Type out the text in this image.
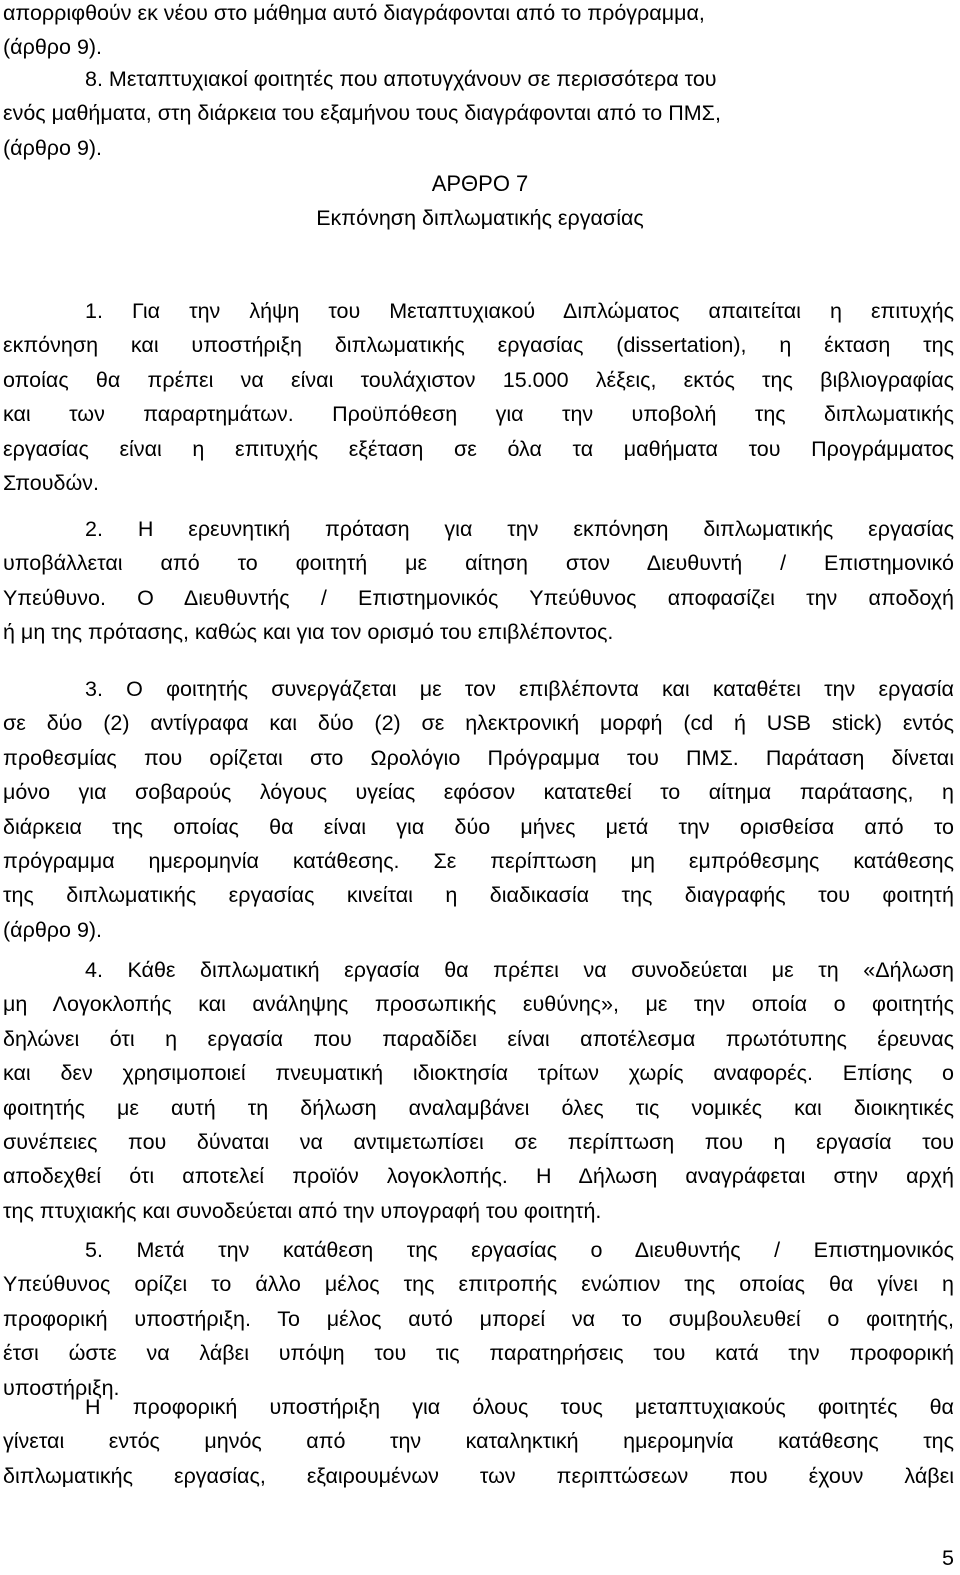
απορριφθούν εκ νέου στο μάθημα αυτό διαγράφονται από το πρόγραμμα,
(άρθρο 9).
8. Μεταπτυχιακοί φοιτητές που αποτυγχάνουν σε περισσότερα του
ενός μαθήματα, στη διάρκεια του εξαμήνου τους διαγράφονται από το ΠΜΣ,
(άρθρο 9).
ΑΡΘΡΟ 7
Εκπόνηση διπλωματικής εργασίας
1. Για την λήψη του Μεταπτυχιακού Διπλώματος απαιτείται η επιτυχής
εκπόνηση και υποστήριξη διπλωματικής εργασίας (dissertation), η έκταση της
οποίας θα πρέπει να είναι τουλάχιστον 15.000 λέξεις, εκτός της βιβλιογραφίας
και των παραρτημάτων. Προϋπόθεση για την υποβολή της διπλωματικής
εργασίας είναι η επιτυχής εξέταση σε όλα τα μαθήματα του Προγράμματος
Σπουδών.
2. Η ερευνητική πρόταση για την εκπόνηση διπλωματικής εργασίας
υποβάλλεται από το φοιτητή με αίτηση στον Διευθυντή / Επιστημονικό
Υπεύθυνο. Ο Διευθυντής / Επιστημονικός Υπεύθυνος αποφασίζει την αποδοχή
ή μη της πρότασης, καθώς και για τον ορισμό του επιβλέποντος.
3. Ο φοιτητής συνεργάζεται με τον επιβλέποντα και καταθέτει την εργασία
σε δύο (2) αντίγραφα και δύο (2) σε ηλεκτρονική μορφή (cd ή USB stick) εντός
προθεσμίας που ορίζεται στο Ωρολόγιο Πρόγραμμα του ΠΜΣ. Παράταση δίνεται
μόνο για σοβαρούς λόγους υγείας εφόσον κατατεθεί το αίτημα παράτασης, η
διάρκεια της οποίας θα είναι για δύο μήνες μετά την ορισθείσα από το
πρόγραμμα ημερομηνία κατάθεσης. Σε περίπτωση μη εμπρόθεσμης κατάθεσης
της διπλωματικής εργασίας κινείται η διαδικασία της διαγραφής του φοιτητή
(άρθρο 9).
4. Κάθε διπλωματική εργασία θα πρέπει να συνοδεύεται με τη «Δήλωση
μη Λογοκλοπής και ανάληψης προσωπικής ευθύνης», με την οποία ο φοιτητής
δηλώνει ότι η εργασία που παραδίδει είναι αποτέλεσμα πρωτότυπης έρευνας
και δεν χρησιμοποιεί πνευματική ιδιοκτησία τρίτων χωρίς αναφορές. Επίσης ο
φοιτητής με αυτή τη δήλωση αναλαμβάνει όλες τις νομικές και διοικητικές
συνέπειες που δύναται να αντιμετωπίσει σε περίπτωση που η εργασία του
αποδεχθεί ότι αποτελεί προϊόν λογοκλοπής. Η Δήλωση αναγράφεται στην αρχή
της πτυχιακής και συνοδεύεται από την υπογραφή του φοιτητή.
5. Μετά την κατάθεση της εργασίας ο Διευθυντής / Επιστημονικός
Υπεύθυνος ορίζει το άλλο μέλος της επιτροπής ενώπιον της οποίας θα γίνει η
προφορική υποστήριξη. Το μέλος αυτό μπορεί να το συμβουλευθεί ο φοιτητής,
έτσι ώστε να λάβει υπόψη του τις παρατηρήσεις του κατά την προφορική
υποστήριξη.
Η προφορική υποστήριξη για όλους τους μεταπτυχιακούς φοιτητές θα
γίνεται εντός μηνός από την καταληκτική ημερομηνία κατάθεσης της
διπλωματικής εργασίας, εξαιρουμένων των περιπτώσεων που έχουν λάβει
5
